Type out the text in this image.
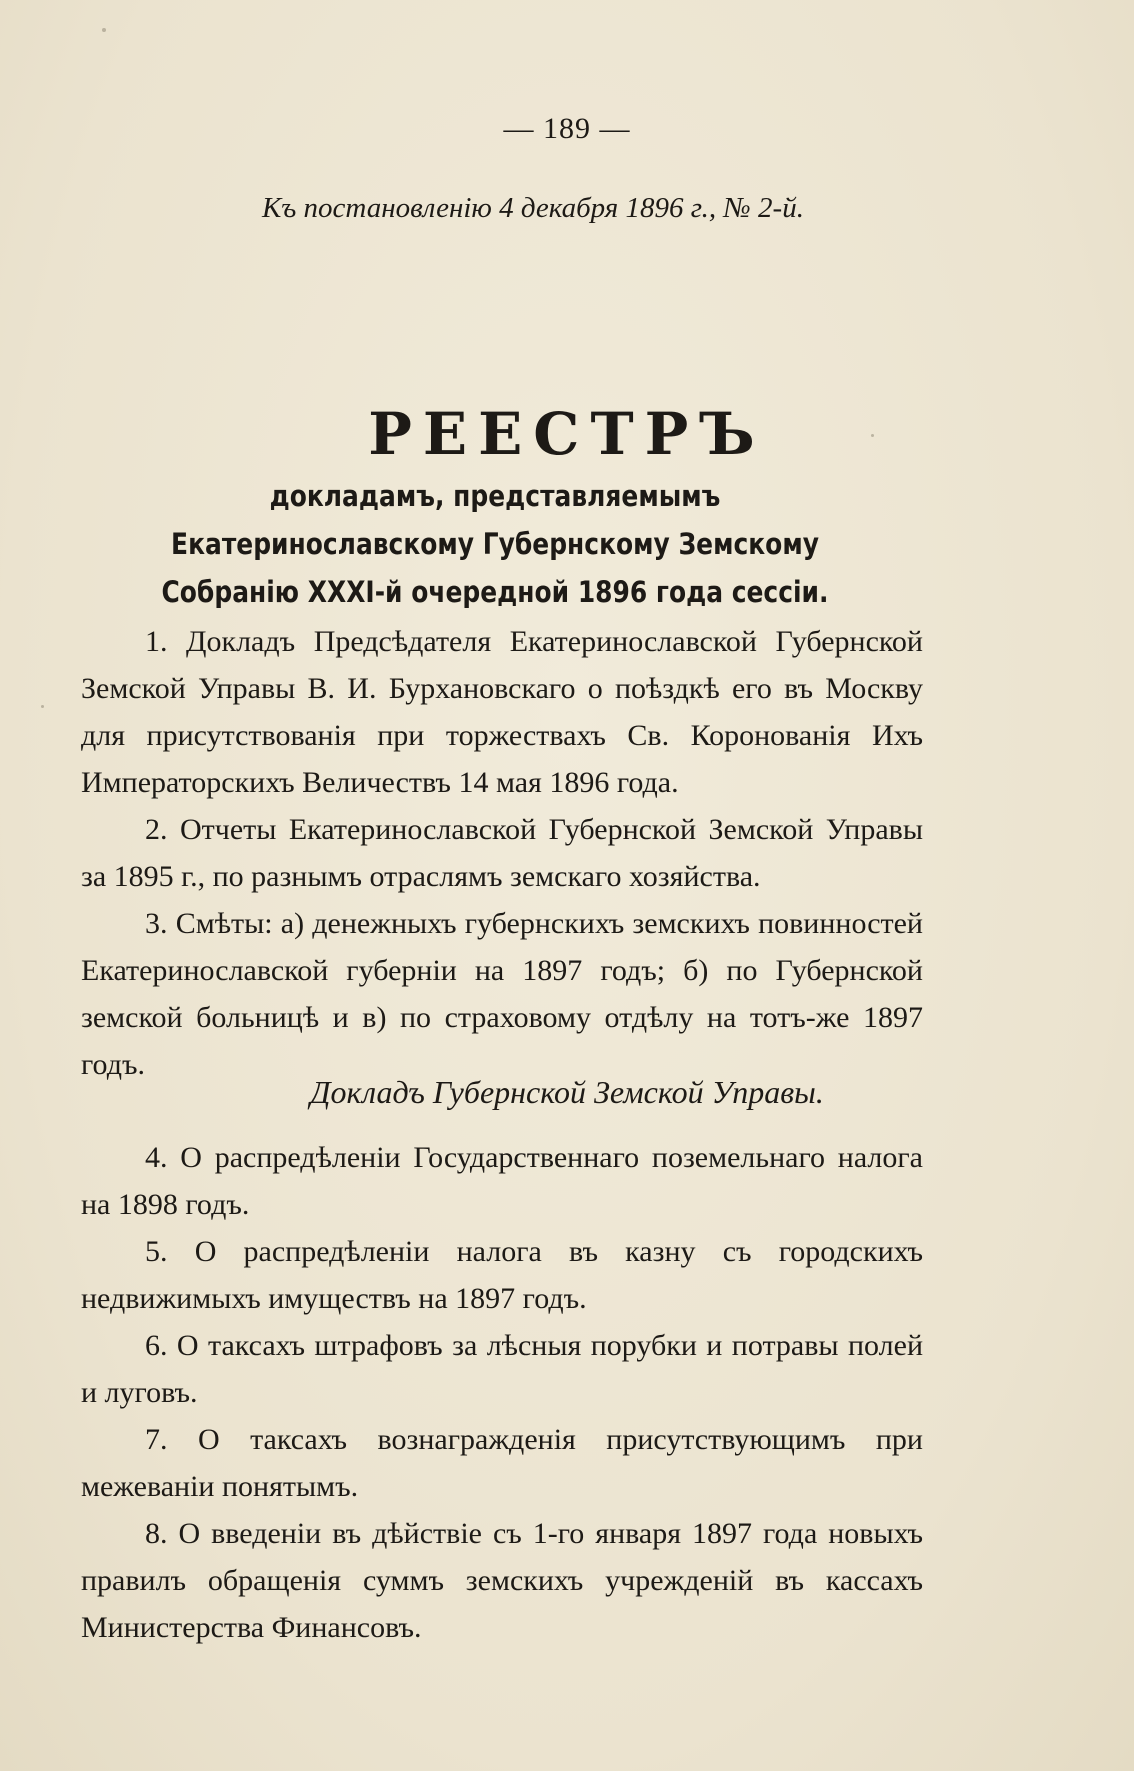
— 189 —
Къ постановленію 4 декабря 1896 г., № 2-й.
РЕЕСТРЪ
докладамъ, представляемымъ Екатеринославскому Губернскому Земскому Собранію XXXI-й очередной 1896 года сессіи.

1. Докладъ Предсѣдателя Екатеринославской Губернской Земской Управы В. И. Бурхановскаго о поѣздкѣ его въ Москву для присутствованія при торжествахъ Св. Коронованія Ихъ Императорскихъ Величествъ 14 мая 1896 года.

2. Отчеты Екатеринославской Губернской Земской Управы за 1895 г., по разнымъ отраслямъ земскаго хозяйства.

3. Смѣты: а) денежныхъ губернскихъ земскихъ повинностей Екатеринославской губерніи на 1897 годъ; б) по Губернской земской больницѣ и в) по страховому отдѣлу на тотъ-же 1897 годъ.

Докладъ Губернской Земской Управы.

4. О распредѣленіи Государственнаго поземельнаго налога на 1898 годъ.

5. О распредѣленіи налога въ казну съ городскихъ недвижимыхъ имуществъ на 1897 годъ.

6. О таксахъ штрафовъ за лѣсныя порубки и потравы полей и луговъ.

7. О таксахъ вознагражденія присутствующимъ при межеваніи понятымъ.

8. О введеніи въ дѣйствіе съ 1-го января 1897 года новыхъ правилъ обращенія суммъ земскихъ учрежденій въ кассахъ Министерства Финансовъ.
